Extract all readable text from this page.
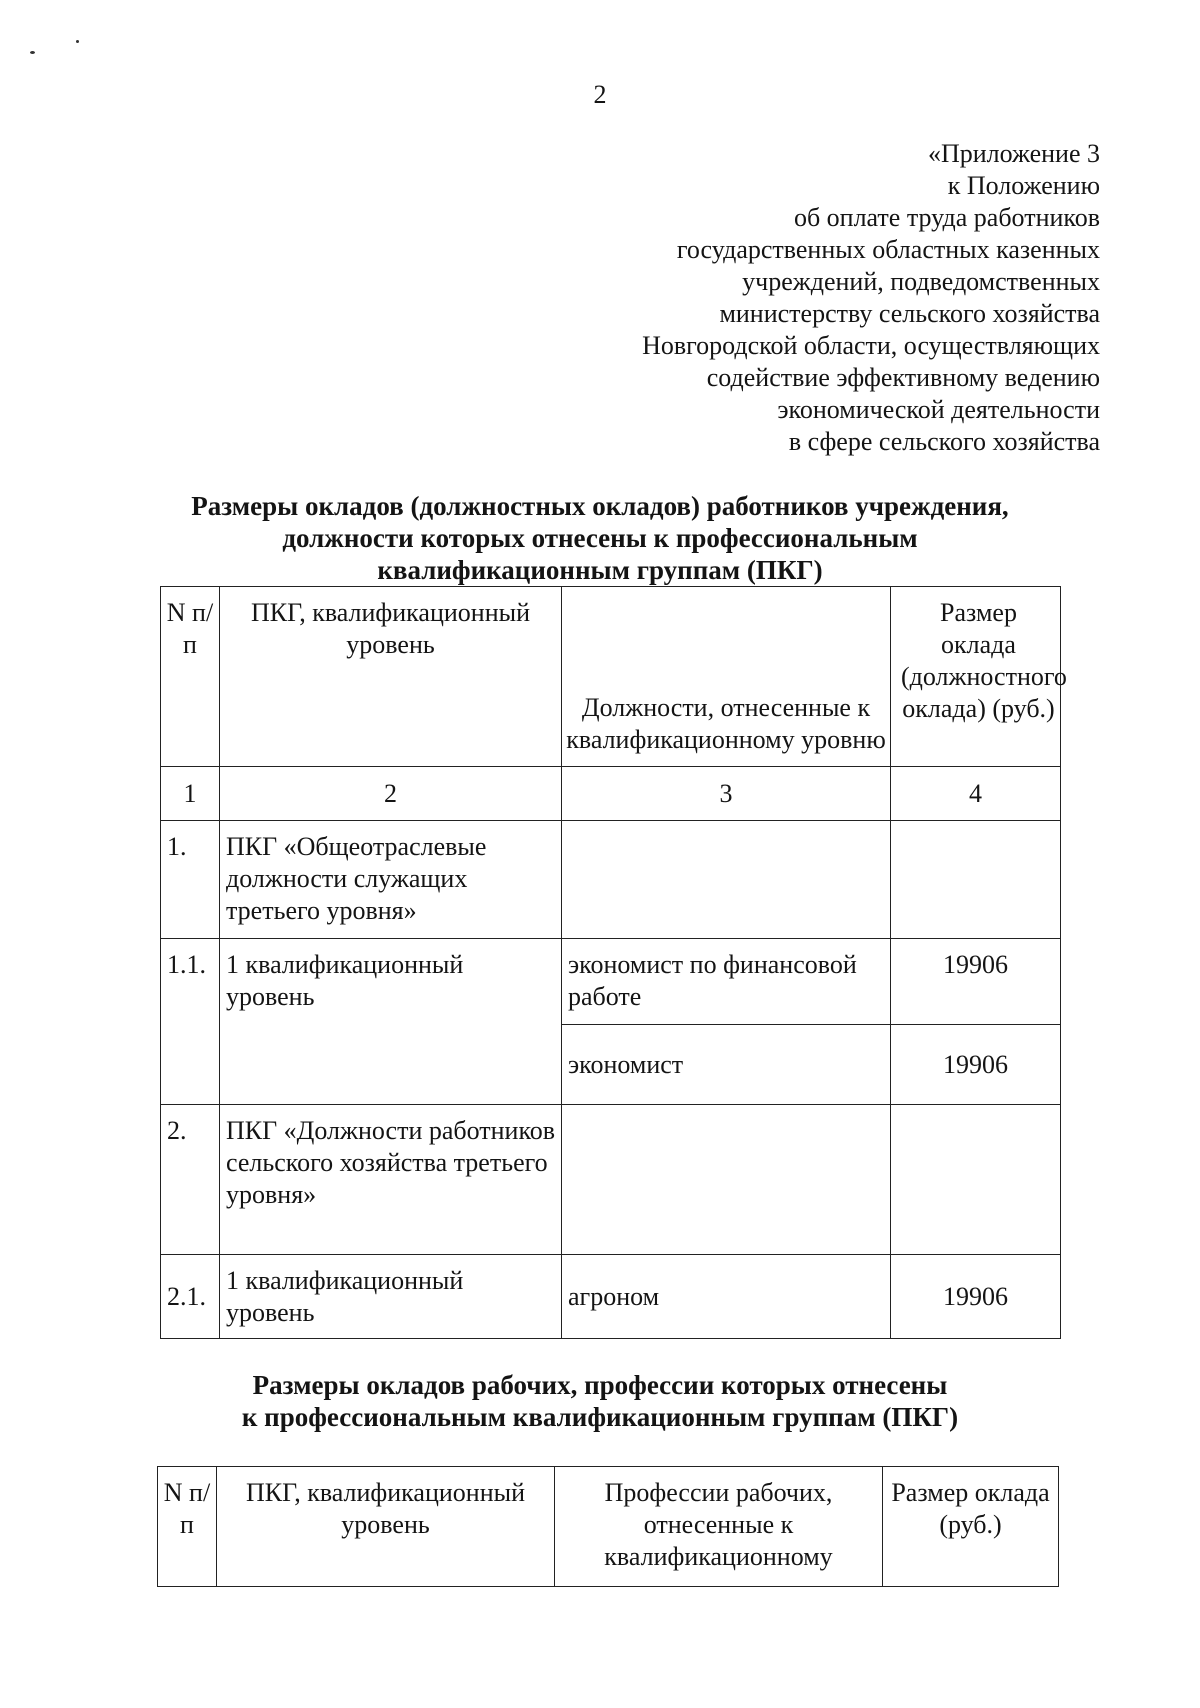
2
«Приложение 3
к Положению
об оплате труда работников
государственных областных казенных
учреждений, подведомственных
министерству сельского хозяйства
Новгородской области, осуществляющих
содействие эффективному ведению
экономической деятельности
в сфере сельского хозяйства
Размеры окладов (должностных окладов) работников учреждения,
должности которых отнесены к профессиональным
квалификационным группам (ПКГ)
N п/п	ПКГ, квалификационный уровень	Должности, отнесенные к квалификационному уровню	Размер оклада (должностного оклада) (руб.)
1	2	3	4
1.	ПКГ «Общеотраслевые должности служащих третьего уровня»		
1.1.	1 квалификационный уровень	экономист по финансовой работе	19906
		экономист	19906
2.	ПКГ «Должности работников сельского хозяйства третьего уровня»		
2.1.	1 квалификационный уровень	агроном	19906
Размеры окладов рабочих, профессии которых отнесены
к профессиональным квалификационным группам (ПКГ)
N п/п	ПКГ, квалификационный уровень	Профессии рабочих, отнесенные к квалификационному	Размер оклада (руб.)
